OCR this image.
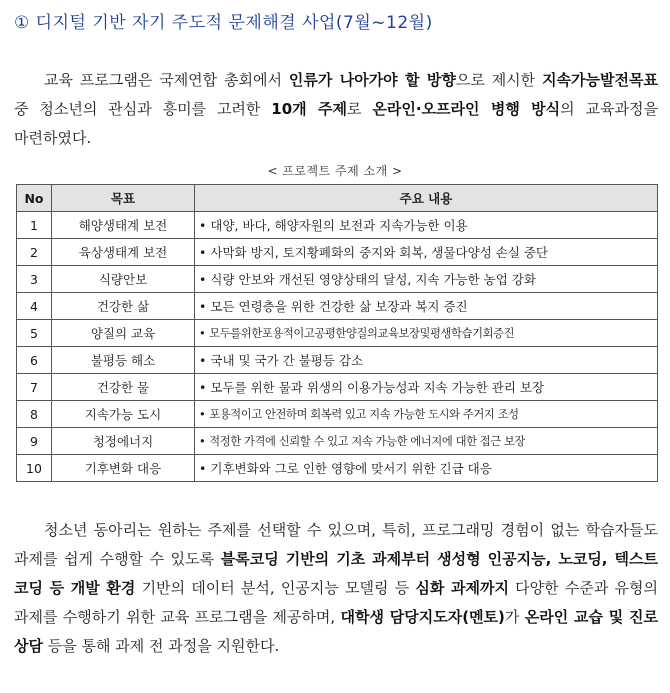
① 디지털 기반 자기 주도적 문제해결 사업(7월~12월)

교육 프로그램은 국제연합 총회에서 인류가 나아가야 할 방향으로 제시한 지속가능발전목표 중 청소년의 관심과 흥미를 고려한 10개 주제로 온라인·오프라인 병행 방식의 교육과정을 마련하였다.

< 프로젝트 주제 소개 >
No	목표	주요 내용
1	해양생태계 보전	• 대양, 바다, 해양자원의 보전과 지속가능한 이용
2	육상생태계 보전	• 사막화 방지, 토지황폐화의 중지와 회복, 생물다양성 손실 중단
3	식량안보	• 식량 안보와 개선된 영양상태의 달성, 지속 가능한 농업 강화
4	건강한 삶	• 모든 연령층을 위한 건강한 삶 보장과 복지 증진
5	양질의 교육	• 모두를위한포용적이고공평한양질의교육보장및평생학습기회증진
6	불평등 해소	• 국내 및 국가 간 불평등 감소
7	건강한 물	• 모두를 위한 물과 위생의 이용가능성과 지속 가능한 관리 보장
8	지속가능 도시	• 포용적이고 안전하며 회복력 있고 지속 가능한 도시와 주거지 조성
9	청정에너지	• 적정한 가격에 신뢰할 수 있고 지속 가능한 에너지에 대한 접근 보장
10	기후변화 대응	• 기후변화와 그로 인한 영향에 맞서기 위한 긴급 대응

청소년 동아리는 원하는 주제를 선택할 수 있으며, 특히, 프로그래밍 경험이 없는 학습자들도 과제를 쉽게 수행할 수 있도록 블록코딩 기반의 기초 과제부터 생성형 인공지능, 노코딩, 텍스트 코딩 등 개발 환경 기반의 데이터 분석, 인공지능 모델링 등 심화 과제까지 다양한 수준과 유형의 과제를 수행하기 위한 교육 프로그램을 제공하며, 대학생 담당지도자(멘토)가 온라인 교습 및 진로 상담 등을 통해 과제 전 과정을 지원한다.
